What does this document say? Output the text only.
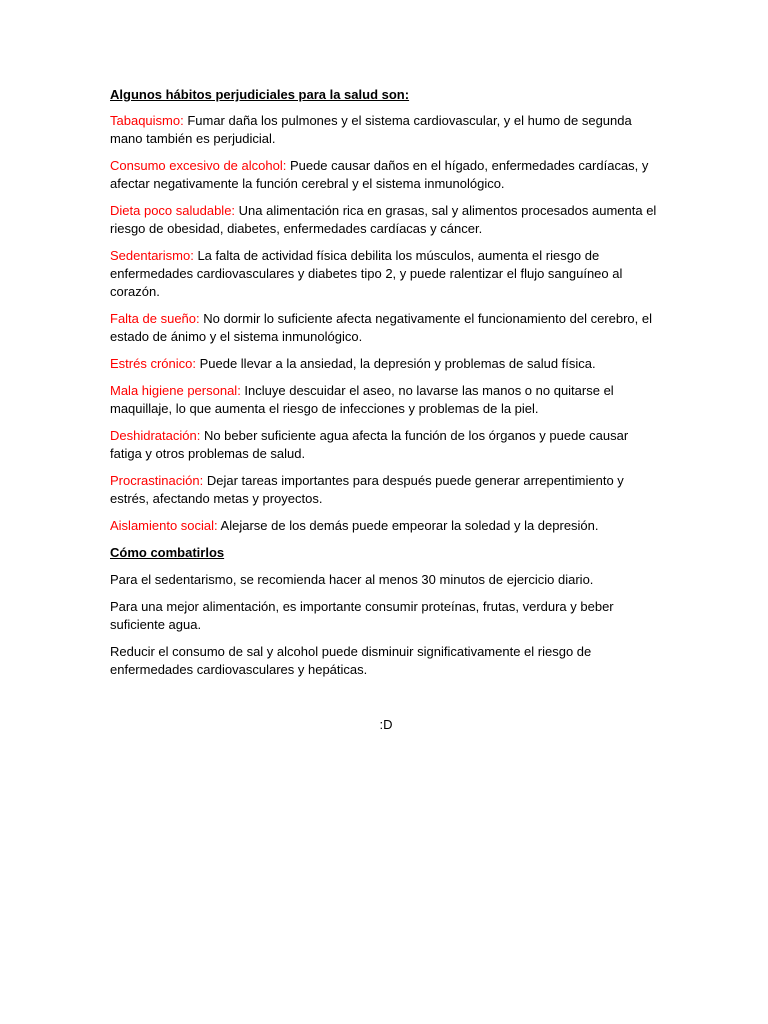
Algunos hábitos perjudiciales para la salud son:

Tabaquismo: Fumar daña los pulmones y el sistema cardiovascular, y el humo de segunda mano también es perjudicial.

Consumo excesivo de alcohol: Puede causar daños en el hígado, enfermedades cardíacas, y afectar negativamente la función cerebral y el sistema inmunológico.

Dieta poco saludable: Una alimentación rica en grasas, sal y alimentos procesados aumenta el riesgo de obesidad, diabetes, enfermedades cardíacas y cáncer.

Sedentarismo: La falta de actividad física debilita los músculos, aumenta el riesgo de enfermedades cardiovasculares y diabetes tipo 2, y puede ralentizar el flujo sanguíneo al corazón.

Falta de sueño: No dormir lo suficiente afecta negativamente el funcionamiento del cerebro, el estado de ánimo y el sistema inmunológico.

Estrés crónico: Puede llevar a la ansiedad, la depresión y problemas de salud física.

Mala higiene personal: Incluye descuidar el aseo, no lavarse las manos o no quitarse el maquillaje, lo que aumenta el riesgo de infecciones y problemas de la piel.

Deshidratación: No beber suficiente agua afecta la función de los órganos y puede causar fatiga y otros problemas de salud.

Procrastinación: Dejar tareas importantes para después puede generar arrepentimiento y estrés, afectando metas y proyectos.

Aislamiento social: Alejarse de los demás puede empeorar la soledad y la depresión.

Cómo combatirlos

Para el sedentarismo, se recomienda hacer al menos 30 minutos de ejercicio diario.

Para una mejor alimentación, es importante consumir proteínas, frutas, verdura y beber suficiente agua.

Reducir el consumo de sal y alcohol puede disminuir significativamente el riesgo de enfermedades cardiovasculares y hepáticas.

:D
